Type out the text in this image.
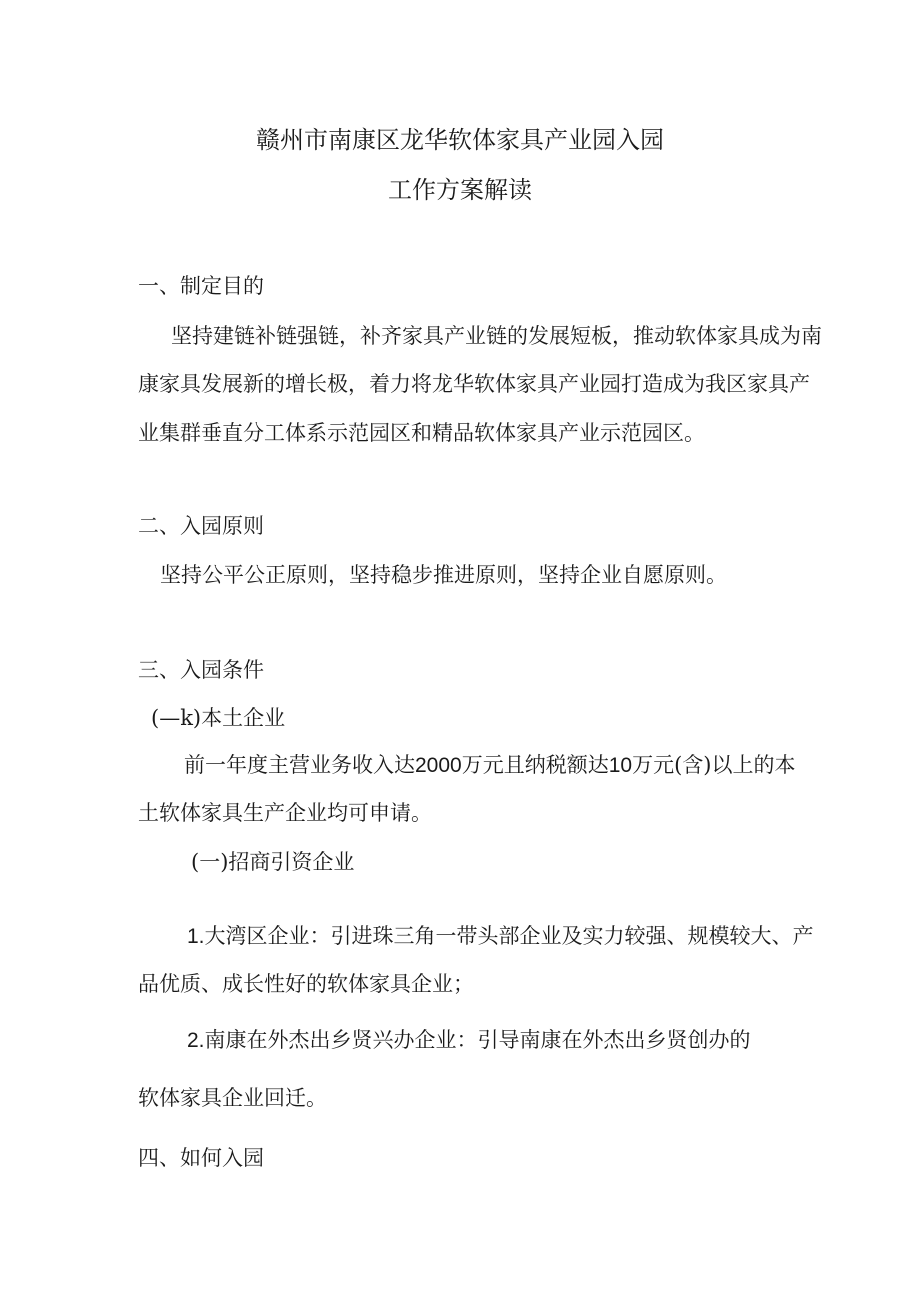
赣州市南康区龙华软体家具产业园入园

工作方案解读

一、制定目的

坚持建链补链强链，补齐家具产业链的发展短板，推动软体家具成为南

康家具发展新的增长极，着力将龙华软体家具产业园打造成为我区家具产

业集群垂直分工体系示范园区和精品软体家具产业示范园区。

二、入园原则

坚持公平公正原则，坚持稳步推进原则，坚持企业自愿原则。

三、入园条件

(—k)本土企业

前一年度主营业务收入达2000万元且纳税额达10万元(含)以上的本

土软体家具生产企业均可申请。

(一)招商引资企业

1.大湾区企业：引进珠三角一带头部企业及实力较强、规模较大、产

品优质、成长性好的软体家具企业；

2.南康在外杰出乡贤兴办企业：引导南康在外杰出乡贤创办的

软体家具企业回迁。

四、如何入园
